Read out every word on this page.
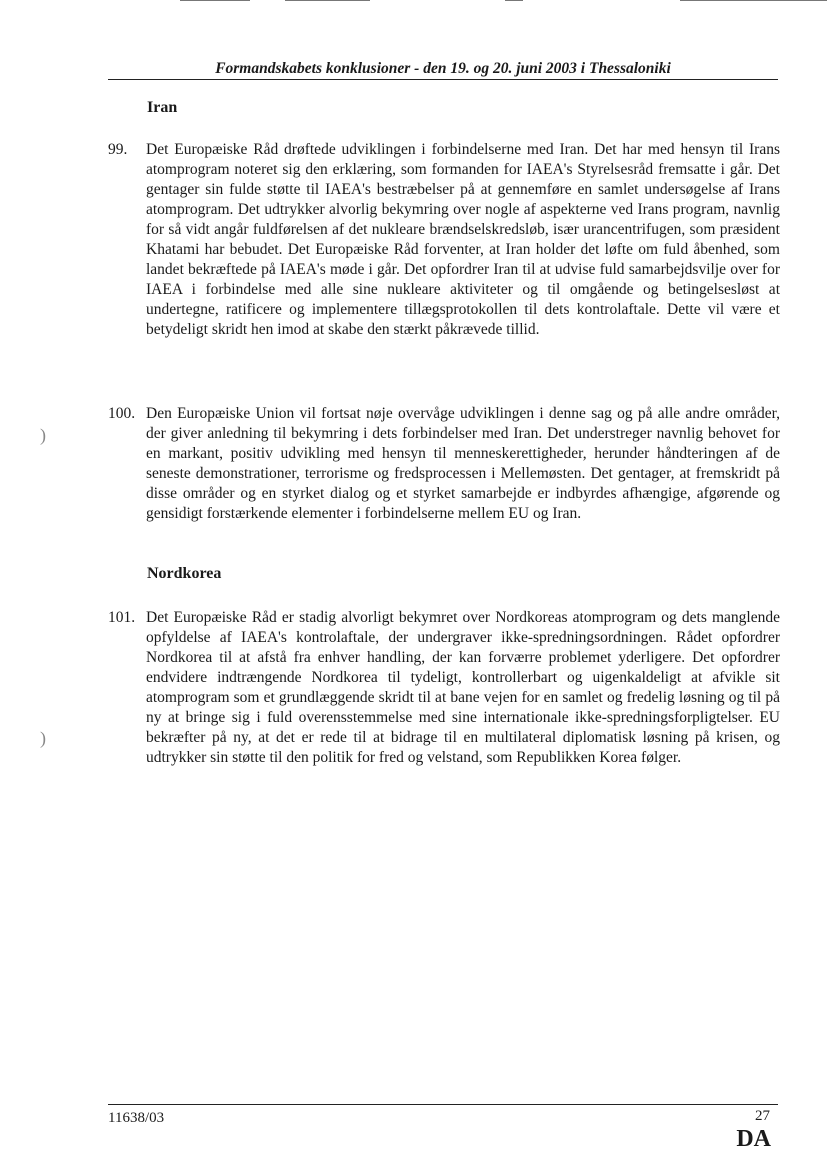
Formandskabets konklusioner - den 19. og 20. juni 2003 i Thessaloniki
Iran
99. Det Europæiske Råd drøftede udviklingen i forbindelserne med Iran. Det har med hensyn til Irans atomprogram noteret sig den erklæring, som formanden for IAEA's Styrelsesråd fremsatte i går. Det gentager sin fulde støtte til IAEA's bestræbelser på at gennemføre en samlet undersøgelse af Irans atomprogram. Det udtrykker alvorlig bekymring over nogle af aspekterne ved Irans program, navnlig for så vidt angår fuldførelsen af det nukleare brændselskredsløb, især urancentrifugen, som præsident Khatami har bebudet. Det Europæiske Råd forventer, at Iran holder det løfte om fuld åbenhed, som landet bekræftede på IAEA's møde i går. Det opfordrer Iran til at udvise fuld samarbejdsvilje over for IAEA i forbindelse med alle sine nukleare aktiviteter og til omgående og betingelsesløst at undertegne, ratificere og implementere tillægsprotokollen til dets kontrolaftale. Dette vil være et betydeligt skridt hen imod at skabe den stærkt påkrævede tillid.
100. Den Europæiske Union vil fortsat nøje overvåge udviklingen i denne sag og på alle andre områder, der giver anledning til bekymring i dets forbindelser med Iran. Det understreger navnlig behovet for en markant, positiv udvikling med hensyn til menneskerettigheder, herunder håndteringen af de seneste demonstrationer, terrorisme og fredsprocessen i Mellemøsten. Det gentager, at fremskridt på disse områder og en styrket dialog og et styrket samarbejde er indbyrdes afhængige, afgørende og gensidigt forstærkende elementer i forbindelserne mellem EU og Iran.
Nordkorea
101. Det Europæiske Råd er stadig alvorligt bekymret over Nordkoreas atomprogram og dets manglende opfyldelse af IAEA's kontrolaftale, der undergraver ikke-spredningsordningen. Rådet opfordrer Nordkorea til at afstå fra enhver handling, der kan forværre problemet yderligere. Det opfordrer endvidere indtrængende Nordkorea til tydeligt, kontrollerbart og uigenkaldeligt at afvikle sit atomprogram som et grundlæggende skridt til at bane vejen for en samlet og fredelig løsning og til på ny at bringe sig i fuld overensstemmelse med sine internationale ikke-spredningsforpligtelser. EU bekræfter på ny, at det er rede til at bidrage til en multilateral diplomatisk løsning på krisen, og udtrykker sin støtte til den politik for fred og velstand, som Republikken Korea følger.
)
)
11638/03	27
DA
